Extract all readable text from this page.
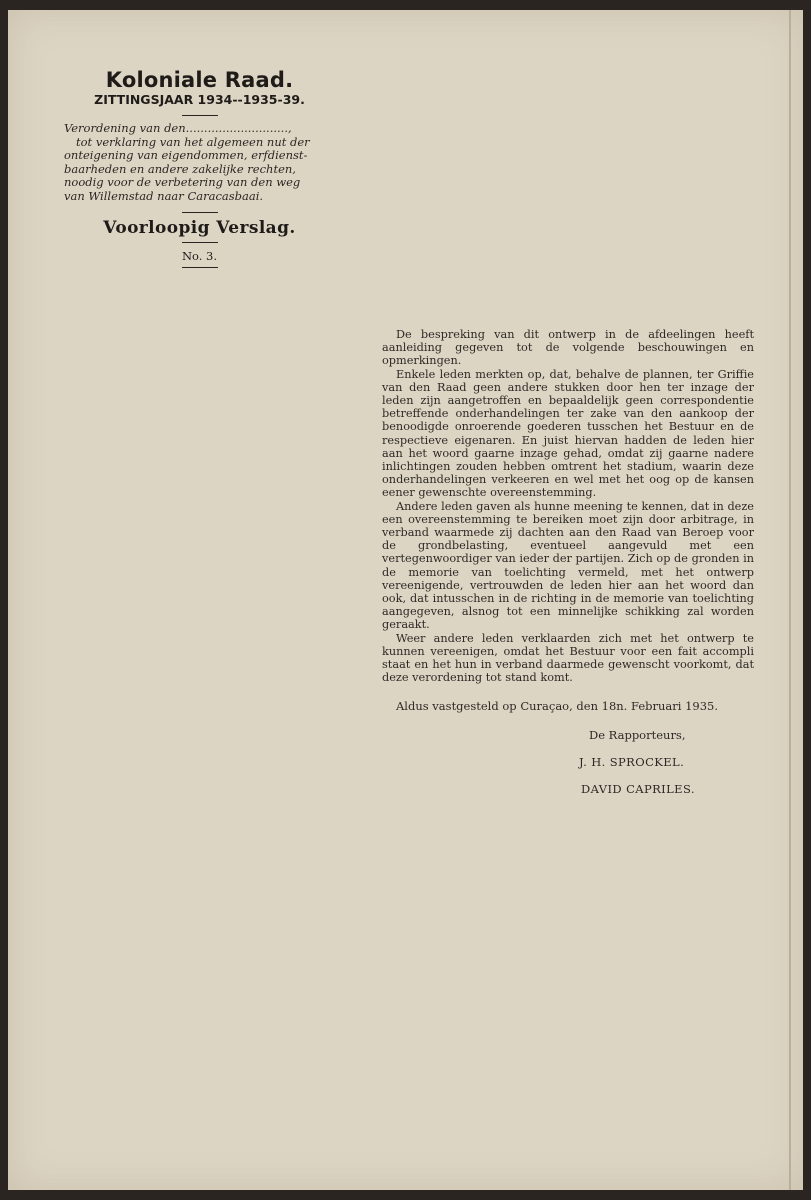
Koloniale Raad.
ZITTINGSJAAR 1934--1935-39.
Verordening van den............................,
tot verklaring van het algemeen nut der
onteigening van eigendommen, erfdienst-
baarheden en andere zakelijke rechten,
noodig voor de verbetering van den weg
van Willemstad naar Caracasbaai.
Voorloopig Verslag.
No. 3.

De bespreking van dit ontwerp in de afdeelingen heeft aanleiding gegeven tot de volgende beschouwingen en opmerkingen.

Enkele leden merkten op, dat, behalve de plannen, ter Griffie van den Raad geen andere stukken door hen ter inzage der leden zijn aangetroffen en bepaaldelijk geen correspondentie betreffende onderhandelingen ter zake van den aankoop der benoodigde onroerende goederen tusschen het Bestuur en de respectieve eigenaren. En juist hiervan hadden de leden hier aan het woord gaarne inzage gehad, omdat zij gaarne nadere inlichtingen zouden hebben omtrent het stadium, waarin deze onderhandelingen verkeeren en wel met het oog op de kansen eener gewenschte overeenstemming.

Andere leden gaven als hunne meening te kennen, dat in deze een overeenstemming te bereiken moet zijn door arbitrage, in verband waarmede zij dachten aan den Raad van Beroep voor de grondbelasting, eventueel aangevuld met een vertegenwoordiger van ieder der partijen. Zich op de gronden in de memorie van toelichting vermeld, met het ontwerp vereenigende, vertrouwden de leden hier aan het woord dan ook, dat intusschen in de richting in de memorie van toelichting aangegeven, alsnog tot een minnelijke schikking zal worden geraakt.

Weer andere leden verklaarden zich met het ontwerp te kunnen vereenigen, omdat het Bestuur voor een fait accompli staat en het hun in verband daarmede gewenscht voorkomt, dat deze verordening tot stand komt.

Aldus vastgesteld op Curaçao, den 18n. Februari 1935.
De Rapporteurs,
J. H. SPROCKEL.
DAVID CAPRILES.
